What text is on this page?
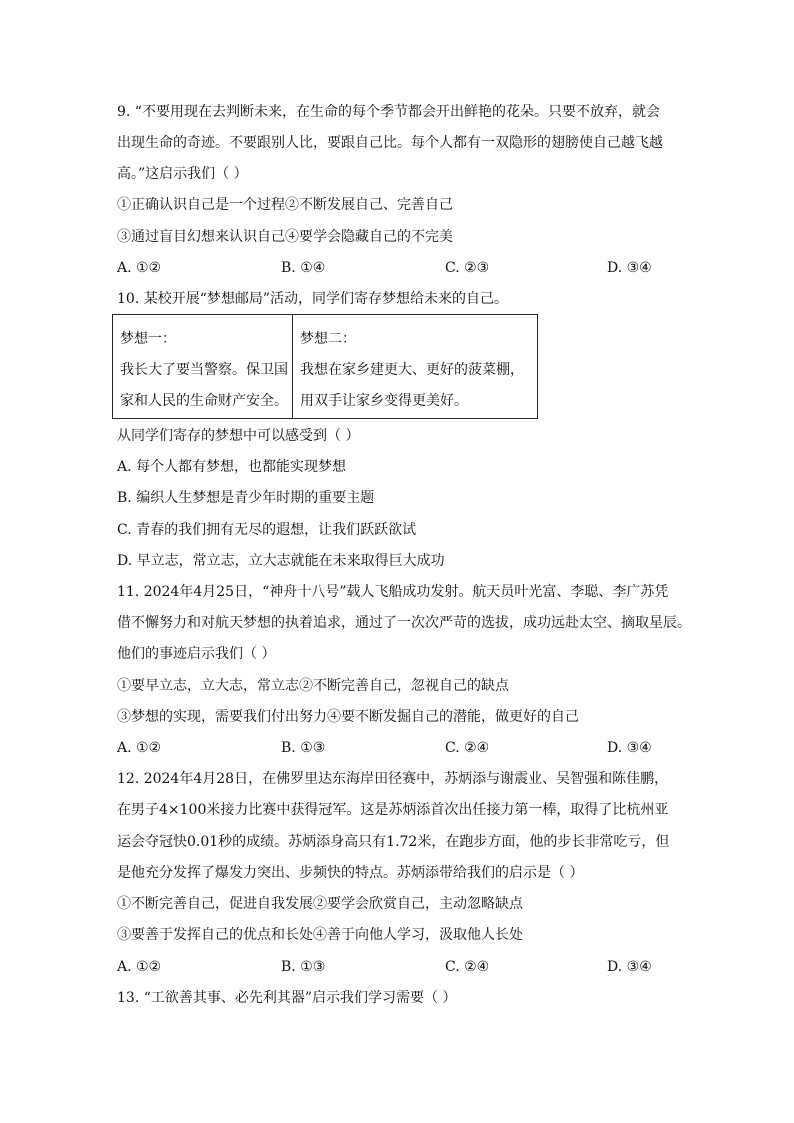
9. “不要用现在去判断未来，在生命的每个季节都会开出鲜艳的花朵。只要不放弃，就会
出现生命的奇迹。不要跟别人比，要跟自己比。每个人都有一双隐形的翅膀使自己越飞越
高。”这启示我们（ ）
①正确认识自己是一个过程②不断发展自己、完善自己
③通过盲目幻想来认识自己④要学会隐藏自己的不完美
A. ①②	B. ①④	C. ②③	D. ③④
10. 某校开展“梦想邮局”活动，同学们寄存梦想给未来的自己。
梦想一：
我长大了要当警察。保卫国
家和人民的生命财产安全。

梦想二：
我想在家乡建更大、更好的菠菜棚，
用双手让家乡变得更美好。
从同学们寄存的梦想中可以感受到（ ）
A. 每个人都有梦想，也都能实现梦想
B. 编织人生梦想是青少年时期的重要主题
C. 青春的我们拥有无尽的遐想，让我们跃跃欲试
D. 早立志，常立志，立大志就能在未来取得巨大成功
11. 2024年4月25日，“神舟十八号”载人飞船成功发射。航天员叶光富、李聪、李广苏凭
借不懈努力和对航天梦想的执着追求，通过了一次次严苛的选拔，成功远赴太空、摘取星辰。
他们的事迹启示我们（ ）
①要早立志，立大志，常立志②不断完善自己，忽视自己的缺点
③梦想的实现，需要我们付出努力④要不断发掘自己的潜能，做更好的自己
A. ①②	B. ①③	C. ②④	D. ③④
12. 2024年4月28日，在佛罗里达东海岸田径赛中，苏炳添与谢震业、吴智强和陈佳鹏，
在男子4×100米接力比赛中获得冠军。这是苏炳添首次出任接力第一棒，取得了比杭州亚
运会夺冠快0.01秒的成绩。苏炳添身高只有1.72米，在跑步方面，他的步长非常吃亏，但
是他充分发挥了爆发力突出、步频快的特点。苏炳添带给我们的启示是（ ）
①不断完善自己，促进自我发展②要学会欣赏自己，主动忽略缺点
③要善于发挥自己的优点和长处④善于向他人学习，汲取他人长处
A. ①②	B. ①③	C. ②④	D. ③④
13. “工欲善其事、必先利其器”启示我们学习需要（ ）
